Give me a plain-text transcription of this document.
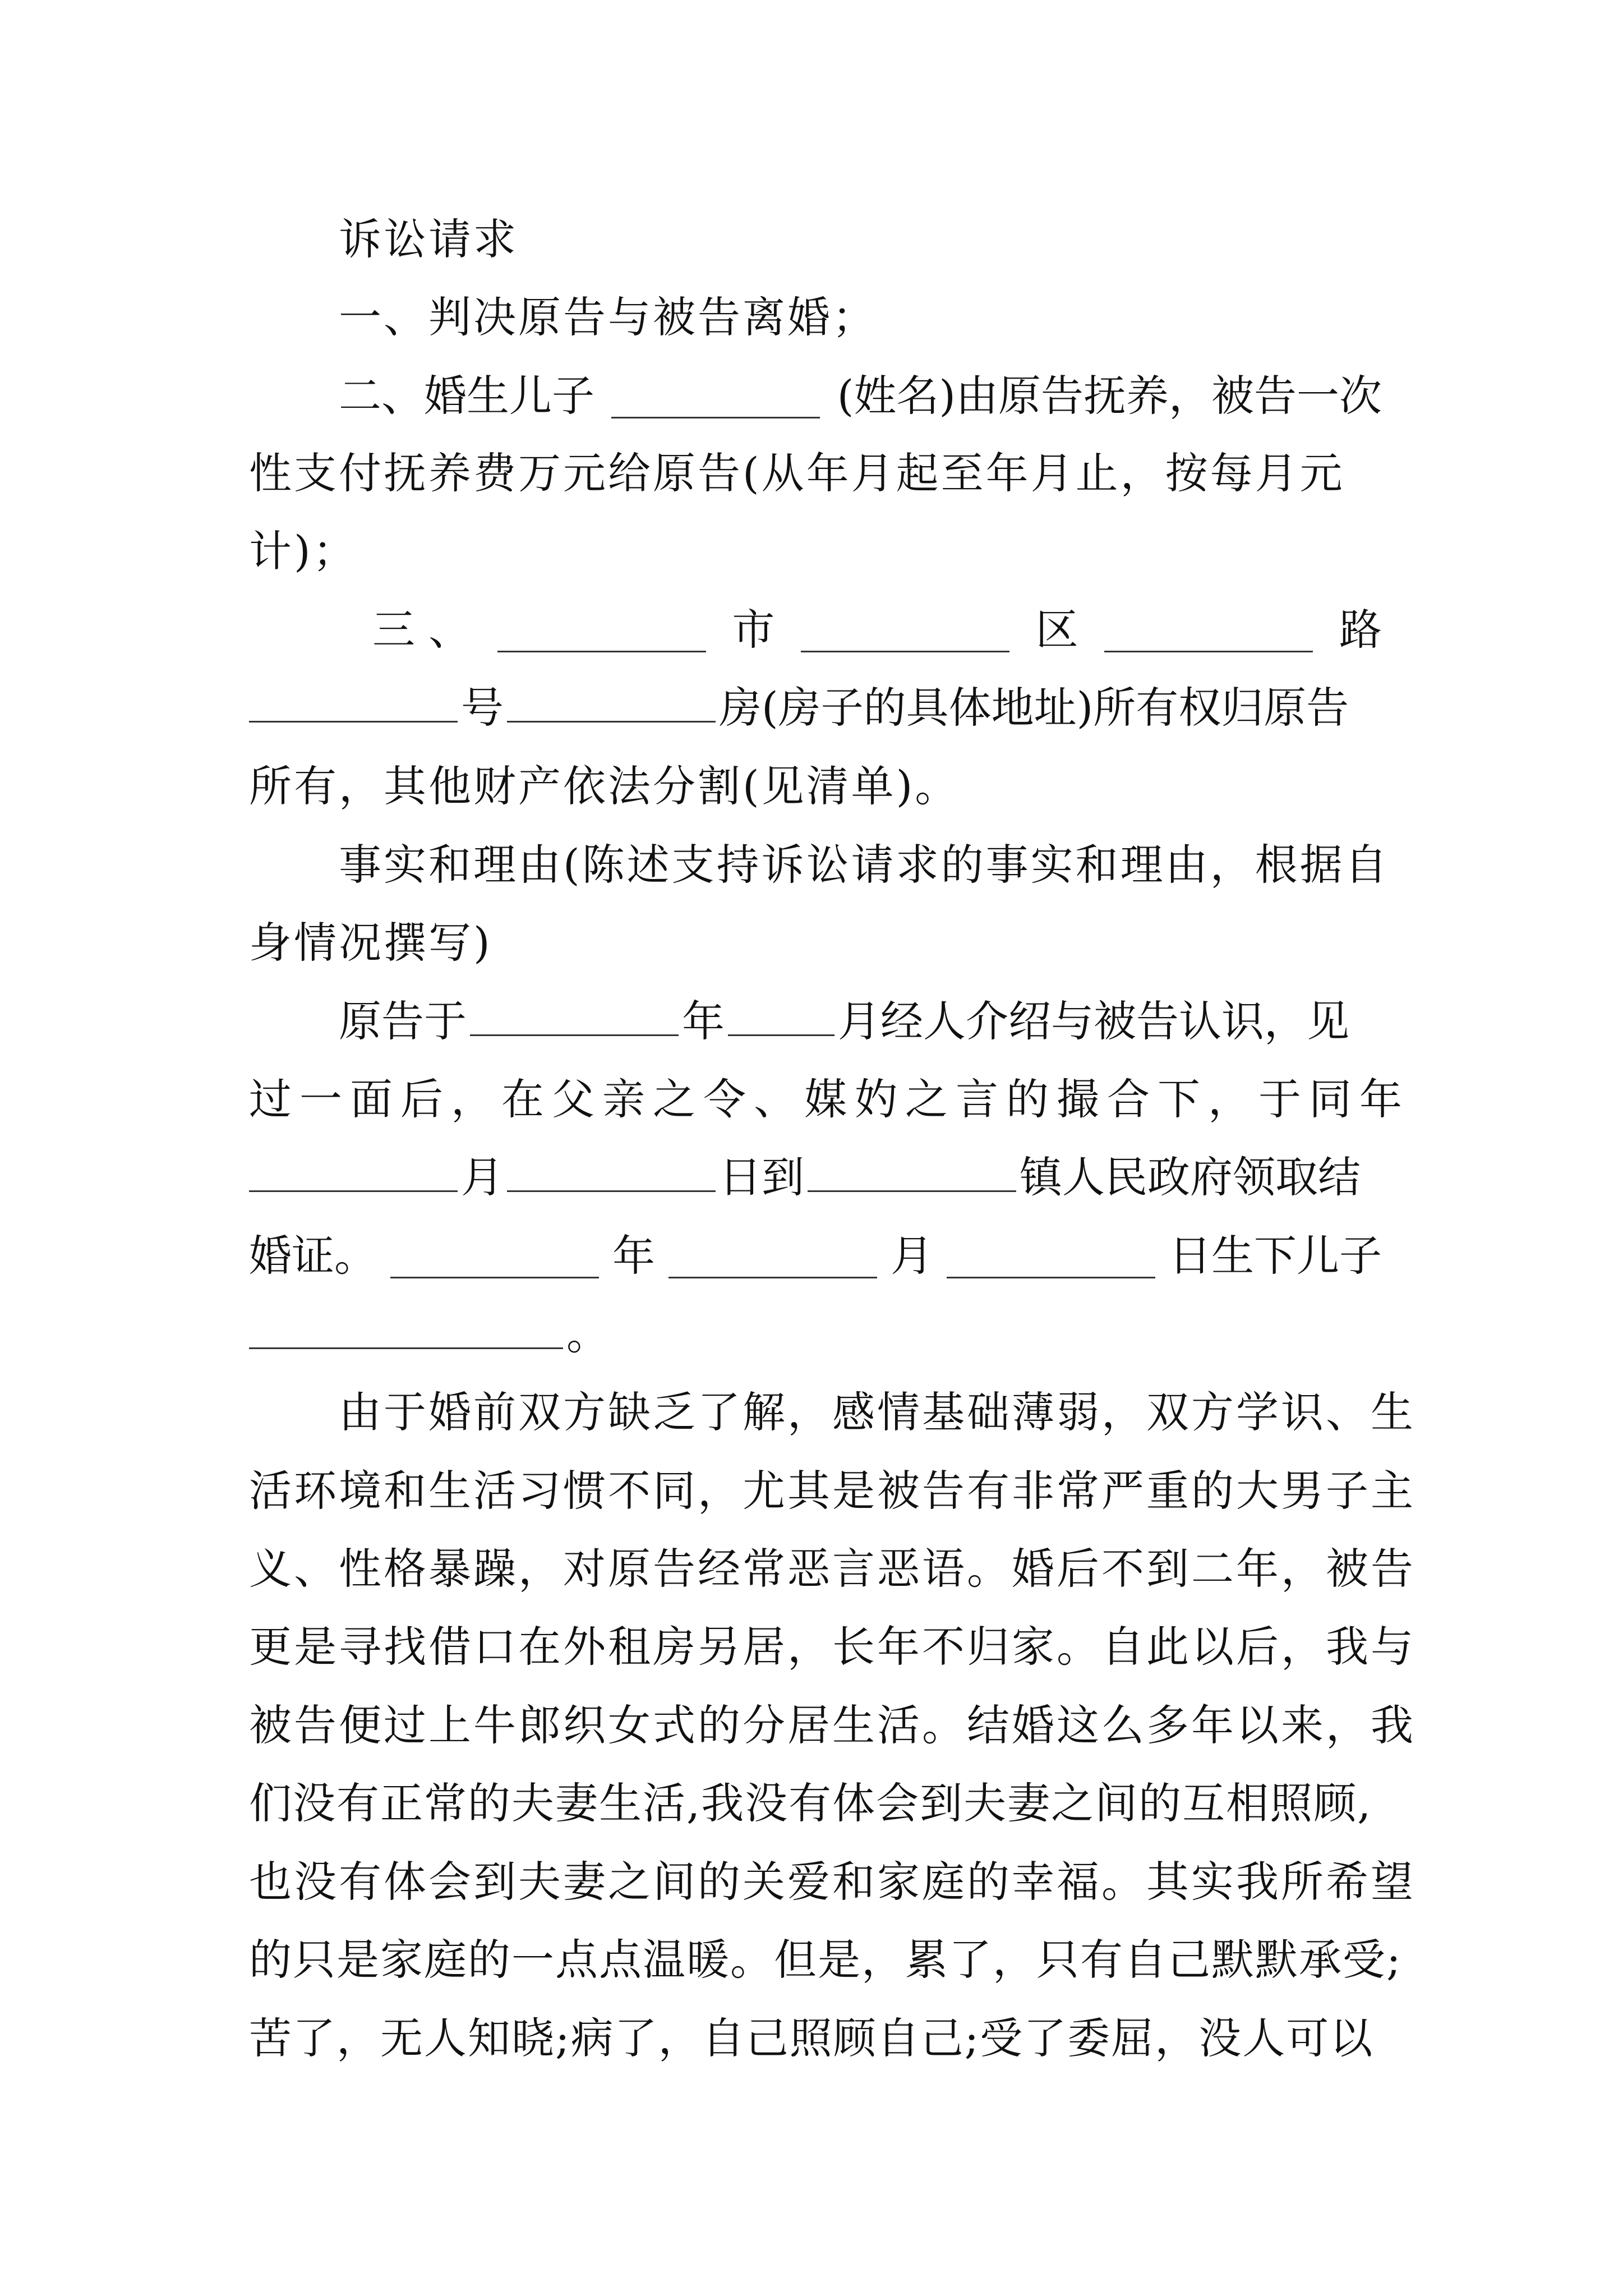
诉讼请求
一、判决原告与被告离婚；
二、婚生儿子	(姓名)由原告抚养，被告一次
性支付抚养费万元给原告(从年月起至年月止，按每月元
计)；
三 、	市	区	路
号	房(房子的具体地址)所有权归原告
所有，其他财产依法分割(见清单)。
事实和理由(陈述支持诉讼请求的事实和理由，根据自
身情况撰写)
原告于	年	月经人介绍与被告认识，见
过一面后，在父亲之令、媒妁之言的撮合下，于同年
月	日到	镇人民政府领取结
婚证。	年	月	日生下儿子
。
由于婚前双方缺乏了解，感情基础薄弱，双方学识、生
活环境和生活习惯不同，尤其是被告有非常严重的大男子主
义、性格暴躁，对原告经常恶言恶语。婚后不到二年，被告
更是寻找借口在外租房另居，长年不归家。自此以后，我与
被告便过上牛郎织女式的分居生活。结婚这么多年以来，我
们没有正常的夫妻生活,我没有体会到夫妻之间的互相照顾,
也没有体会到夫妻之间的关爱和家庭的幸福。其实我所希望
的只是家庭的一点点温暖。但是，累了，只有自己默默承受;
苦了，无人知晓;病了，自己照顾自己;受了委屈，没人可以
